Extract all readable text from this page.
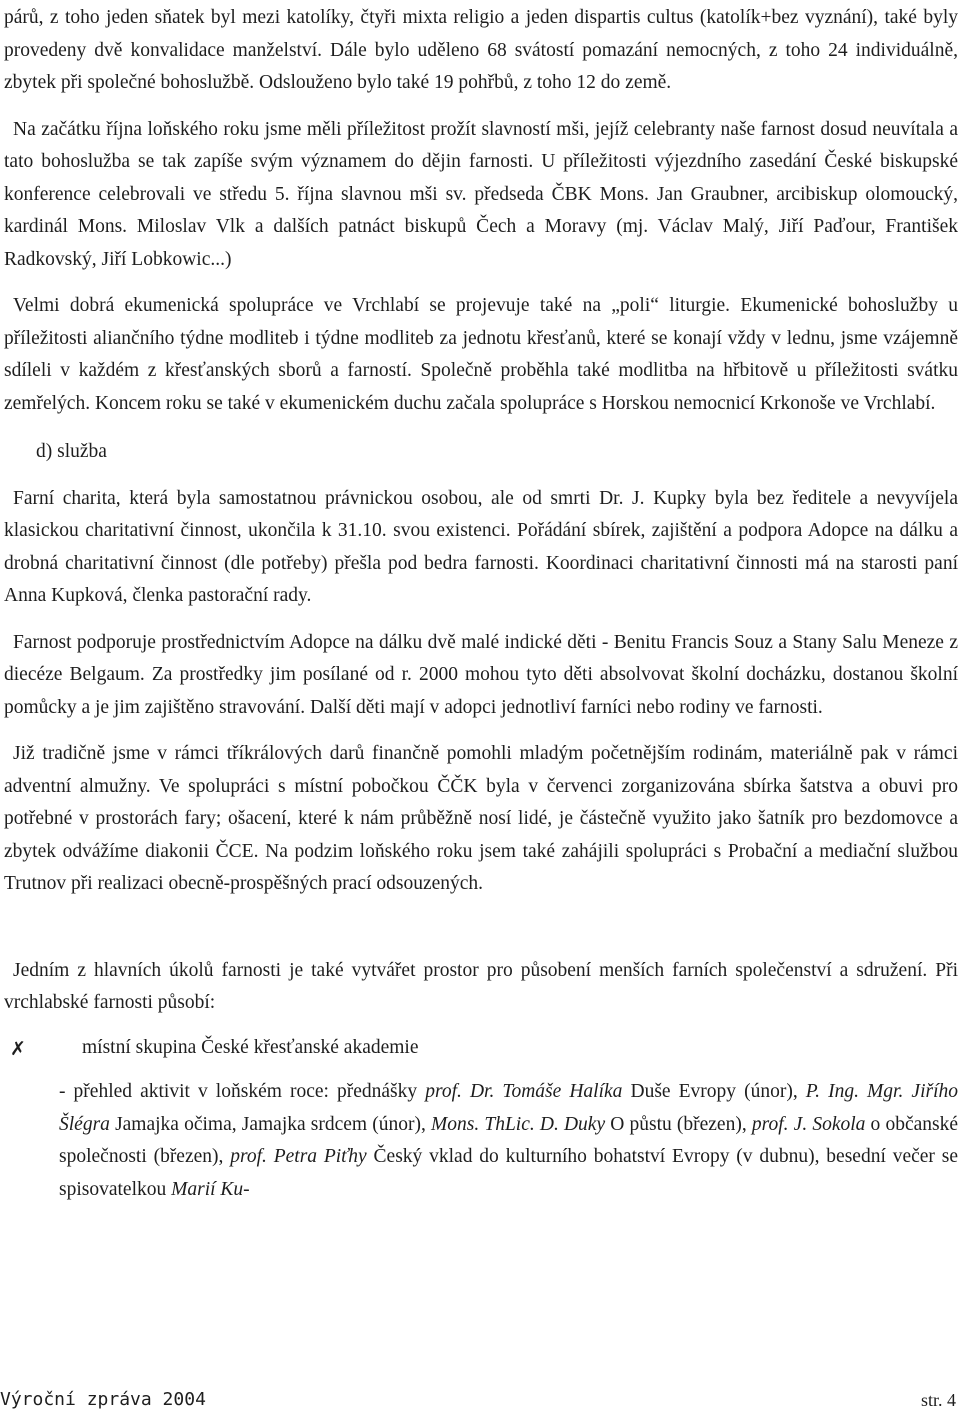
párů, z toho jeden sňatek byl mezi katolíky, čtyři mixta religio a jeden dispartis cultus (katolík+bez vyznání), také byly provedeny dvě konvalidace manželství. Dále bylo uděleno 68 svátostí pomazání nemocných, z toho 24 individuálně, zbytek při společné bohoslužbě. Odslouženo bylo také 19 pohřbů, z toho 12 do země.

Na začátku října loňského roku jsme měli příležitost prožít slavností mši, jejíž celebranty naše farnost dosud neuvítala a tato bohoslužba se tak zapíše svým významem do dějin farnosti. U příležitosti výjezdního zasedání České biskupské konference celebrovali ve středu 5. října slavnou mši sv. předseda ČBK Mons. Jan Graubner, arcibiskup olomoucký, kardinál Mons. Miloslav Vlk a dalších patnáct biskupů Čech a Moravy (mj. Václav Malý, Jiří Paďour, František Radkovský, Jiří Lobkowic...)

Velmi dobrá ekumenická spolupráce ve Vrchlabí se projevuje také na „poli“ liturgie. Ekumenické bohoslužby u příležitosti aliančního týdne modliteb i týdne modliteb za jednotu křesťanů, které se konají vždy v lednu, jsme vzájemně sdíleli v každém z křesťanských sborů a farností. Společně proběhla také modlitba na hřbitově u příležitosti svátku zemřelých. Koncem roku se také v ekumenickém duchu začala spolupráce s Horskou nemocnicí Krkonoše ve Vrchlabí.

d) služba

Farní charita, která byla samostatnou právnickou osobou, ale od smrti Dr. J. Kupky byla bez ředitele a nevyvíjela klasickou charitativní činnost, ukončila k 31.10. svou existenci. Pořádání sbírek, zajištění a podpora Adopce na dálku a drobná charitativní činnost (dle potřeby) přešla pod bedra farnosti. Koordinaci charitativní činnosti má na starosti paní Anna Kupková, členka pastorační rady.

Farnost podporuje prostřednictvím Adopce na dálku dvě malé indické děti - Benitu Francis Souz a Stany Salu Meneze z diecéze Belgaum. Za prostředky jim posílané od r. 2000 mohou tyto děti absolvovat školní docházku, dostanou školní pomůcky a je jim zajištěno stravování. Další děti mají v adopci jednotliví farníci nebo rodiny ve farnosti.

Již tradičně jsme v rámci tříkrálových darů finančně pomohli mladým početnějším rodinám, materiálně pak v rámci adventní almužny. Ve spolupráci s místní pobočkou ČČK byla v červenci zorganizována sbírka šatstva a obuvi pro potřebné v prostorách fary; ošacení, které k nám průběžně nosí lidé, je částečně využito jako šatník pro bezdomovce a zbytek odvážíme diakonii ČCE. Na podzim loňského roku jsem také zahájili spolupráci s Probační a mediační službou Trutnov při realizaci obecně-prospěšných prací odsouzených.

Jedním z hlavních úkolů farnosti je také vytvářet prostor pro působení menších farních společenství a sdružení. Při vrchlabské farnosti působí:

✗	místní skupina České křesťanské akademie
- přehled aktivit v loňském roce: přednášky prof. Dr. Tomáše Halíka Duše Evropy (únor), P. Ing. Mgr. Jiřího Šlégra Jamajka očima, Jamajka srdcem (únor), Mons. ThLic. D. Duky O půstu (březen), prof. J. Sokola o občanské společnosti (březen), prof. Petra Piťhy Český vklad do kulturního bohatství Evropy (v dubnu), besední večer se spisovatelkou Marií Ku-
Výroční zpráva 2004	str. 4
